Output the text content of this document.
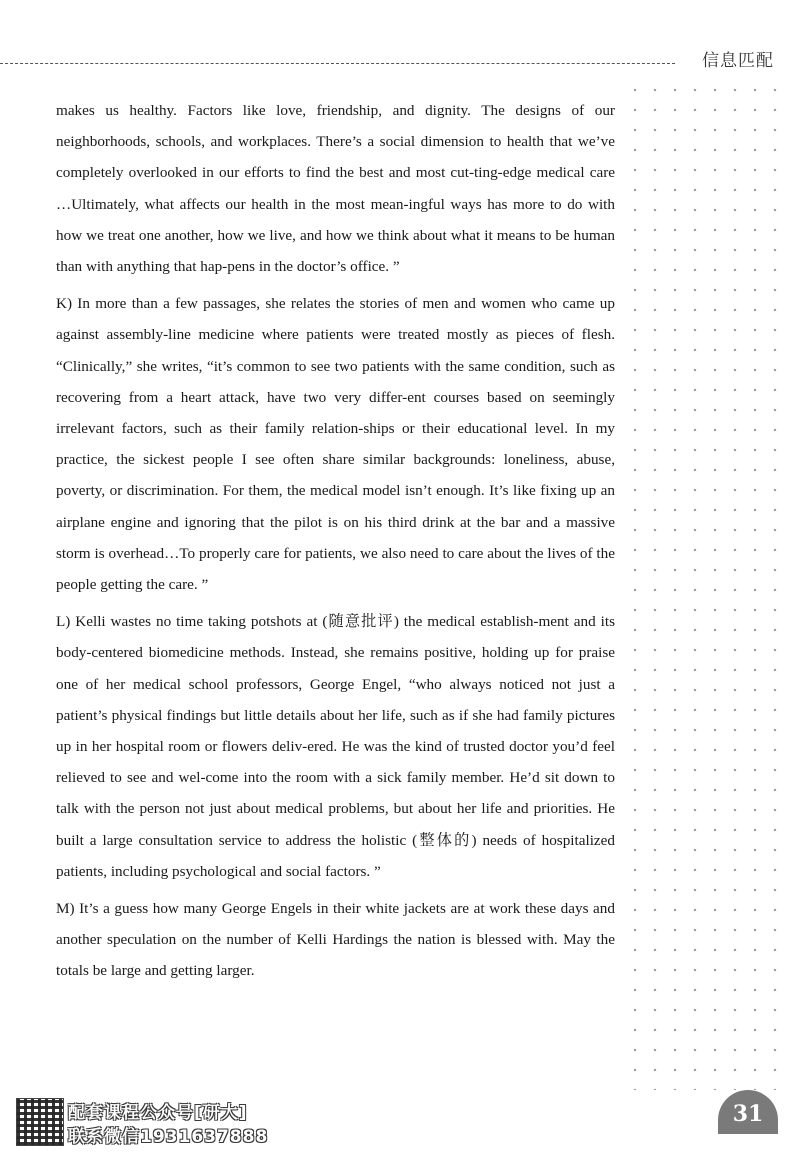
信息匹配

makes us healthy. Factors like love, friendship, and dignity. The designs of our neighborhoods, schools, and workplaces. There’s a social dimension to health that we’ve completely overlooked in our efforts to find the best and most cut-ting-edge medical care …Ultimately, what affects our health in the most mean-ingful ways has more to do with how we treat one another, how we live, and how we think about what it means to be human than with anything that hap-pens in the doctor’s office. ”

K) In more than a few passages, she relates the stories of men and women who came up against assembly-line medicine where patients were treated mostly as pieces of flesh. “Clinically,” she writes, “it’s common to see two patients with the same condition, such as recovering from a heart attack, have two very differ-ent courses based on seemingly irrelevant factors, such as their family relation-ships or their educational level. In my practice, the sickest people I see often share similar backgrounds: loneliness, abuse, poverty, or discrimination. For them, the medical model isn’t enough. It’s like fixing up an airplane engine and ignoring that the pilot is on his third drink at the bar and a massive storm is overhead…To properly care for patients, we also need to care about the lives of the people getting the care. ”

L) Kelli wastes no time taking potshots at (随意批评) the medical establish-ment and its body-centered biomedicine methods. Instead, she remains positive, holding up for praise one of her medical school professors, George Engel, “who always noticed not just a patient’s physical findings but little details about her life, such as if she had family pictures up in her hospital room or flowers deliv-ered. He was the kind of trusted doctor you’d feel relieved to see and wel-come into the room with a sick family member. He’d sit down to talk with the person not just about medical problems, but about her life and priorities. He built a large consultation service to address the holistic (整体的) needs of hospitalized patients, including psychological and social factors. ”

M) It’s a guess how many George Engels in their white jackets are at work these days and another speculation on the number of Kelli Hardings the nation is blessed with. May the totals be large and getting larger.

配套课程公众号[研大]
联系微信1931637888
31
